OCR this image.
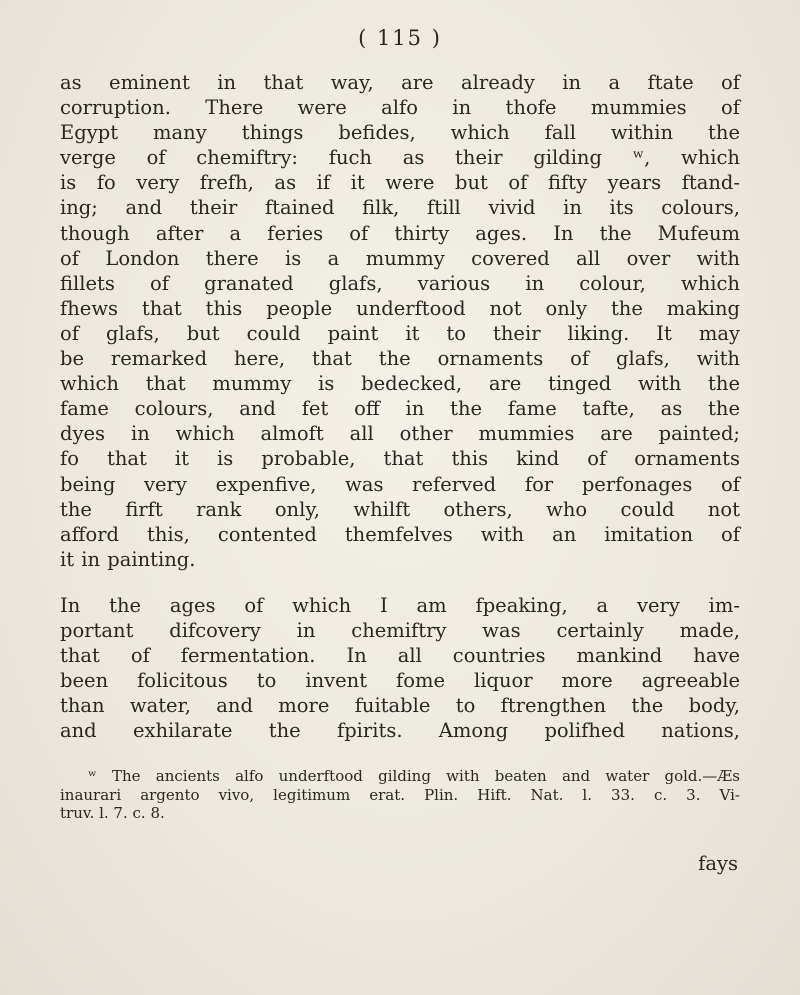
( 115 )
as eminent in that way, are already in a ftate of
corruption. There were alfo in thofe mummies of
Egypt many things befides, which fall within the
verge of chemiftry: fuch as their gilding ʷ, which
is fo very frefh, as if it were but of fifty years ftand-
ing; and their ftained filk, ftill vivid in its colours,
though after a feries of thirty ages. In the Mufeum
of London there is a mummy covered all over with
fillets of granated glafs, various in colour, which
fhews that this people underftood not only the making
of glafs, but could paint it to their liking. It may
be remarked here, that the ornaments of glafs, with
which that mummy is bedecked, are tinged with the
fame colours, and fet off in the fame tafte, as the
dyes in which almoft all other mummies are painted;
fo that it is probable, that this kind of ornaments
being very expenfive, was referved for perfonages of
the firft rank only, whilft others, who could not
afford this, contented themfelves with an imitation of
it in painting.
In the ages of which I am fpeaking, a very im-
portant difcovery in chemiftry was certainly made,
that of fermentation. In all countries mankind have
been folicitous to invent fome liquor more agreeable
than water, and more fuitable to ftrengthen the body,
and exhilarate the fpirits. Among polifhed nations,
ʷ The ancients alfo underftood gilding with beaten and water gold.—Æs
inaurari argento vivo, legitimum erat. Plin. Hift. Nat. l. 33. c. 3. Vi-
truv. l. 7. c. 8.
fays
